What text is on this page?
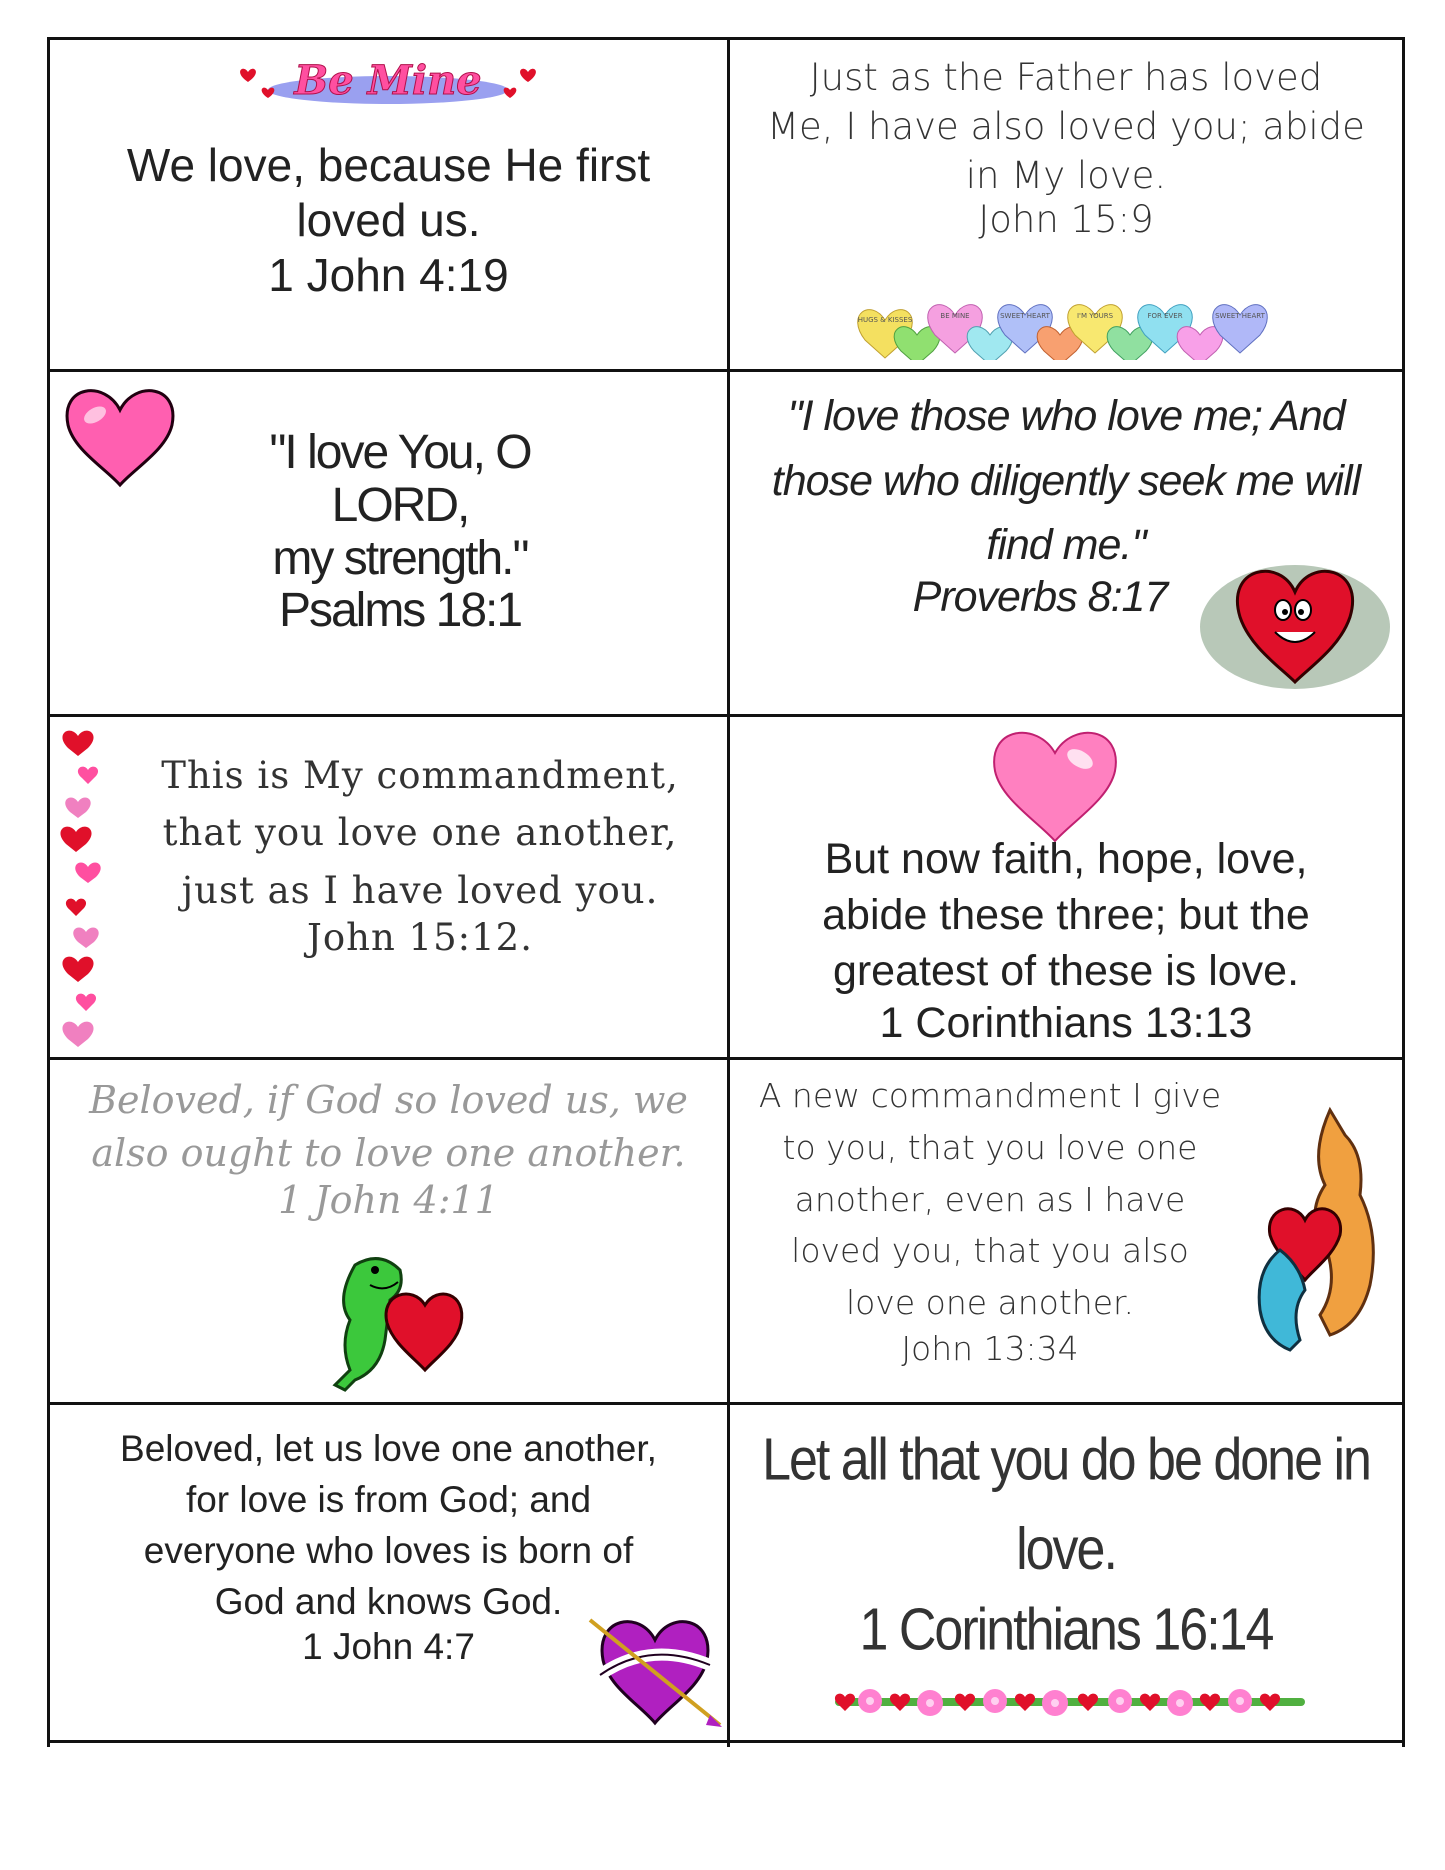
Be Mine
We love, because He first
loved us.
1 John 4:19
Just as the Father has loved
Me, I have also loved you; abide
in My love.
John 15:9
HUGS & KISSES	BE MINE	SWEET HEART	I'M YOURS	FOR EVER	SWEET HEART
"I love You, O LORD,
my strength."
Psalms 18:1
"I love those who love me; And
those who diligently seek me will
find me."
Proverbs 8:17
This is My commandment,
that you love one another,
just as I have loved you.
John 15:12.
But now faith, hope, love,
abide these three; but the
greatest of these is love.
1 Corinthians 13:13
Beloved, if God so loved us, we
also ought to love one another.
1 John 4:11
A new commandment I give
to you, that you love one
another, even as I have
loved you, that you also
love one another.
John 13:34
Beloved, let us love one another,
for love is from God; and
everyone who loves is born of
God and knows God.
1 John 4:7
Let all that you do be done in
love.
1 Corinthians 16:14
